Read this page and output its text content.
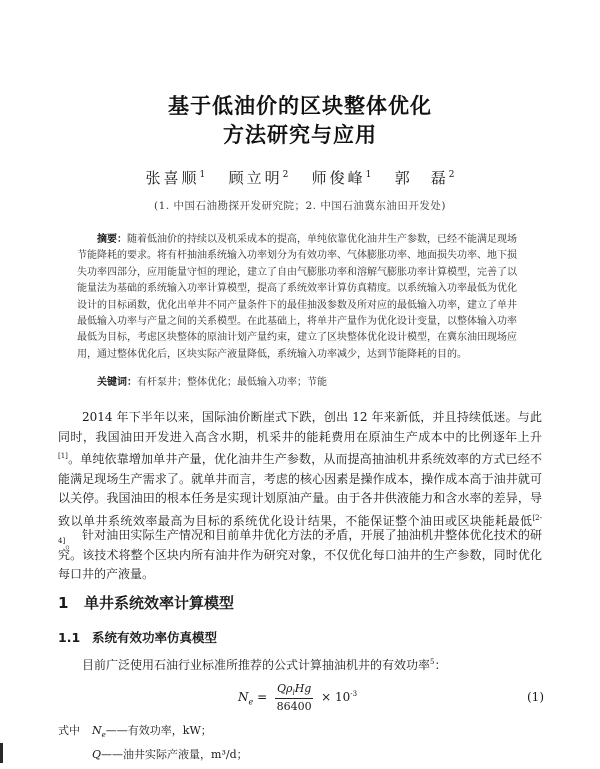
基于低油价的区块整体优化
方法研究与应用
张喜顺$^1$ 顾立明$^2$ 师俊峰$^1$ 郭　磊$^2$
(1. 中国石油勘探开发研究院；2. 中国石油冀东油田开发处)
摘要：随着低油价的持续以及机采成本的提高，单纯依靠优化油井生产参数，已经不能满足现场节能降耗的要求。将有杆抽油系统输入功率划分为有效功率、气体膨胀功率、地面损失功率、地下损失功率四部分，应用能量守恒的理论，建立了自由气膨胀功率和溶解气膨胀功率计算模型，完善了以能量法为基础的系统输入功率计算模型，提高了系统效率计算仿真精度。以系统输入功率最低为优化设计的目标函数，优化出单井不同产量条件下的最佳抽汲参数及所对应的最低输入功率，建立了单井最低输入功率与产量之间的关系模型。在此基础上，将单井产量作为优化设计变量，以整体输入功率最低为目标，考虑区块整体的原油计划产量约束，建立了区块整体优化设计模型，在冀东油田现场应用，通过整体优化后，区块实际产液量降低，系统输入功率减少，达到节能降耗的目的。
关键词：有杆泵井；整体优化；最低输入功率；节能
2014 年下半年以来，国际油价断崖式下跌，创出 12 年来新低，并且持续低迷。与此同时，我国油田开发进入高含水期，机采井的能耗费用在原油生产成本中的比例逐年上升[1]。单纯依靠增加单井产量，优化油井生产参数，从而提高抽油机井系统效率的方式已经不能满足现场生产需求了。就单井而言，考虑的核心因素是操作成本，操作成本高于油井就可以关停。我国油田的根本任务是实现计划原油产量。由于各井供液能力和含水率的差异，导致以单井系统效率最高为目标的系统优化设计结果，不能保证整个油田或区块能耗最低[2-4]。
针对油田实际生产情况和目前单井优化方法的矛盾，开展了抽油机井整体优化技术的研究。该技术将整个区块内所有油井作为研究对象，不仅优化每口油井的生产参数，同时优化每口井的产液量。
1 单井系统效率计算模型
1.1 系统有效功率仿真模型
目前广泛使用石油行业标准所推荐的公式计算抽油机井的有效功率$^5$：
$N_e = \frac{Q\rho_lHg}{86400} \times 10^{-3}$	(1)
式中 $N_e——$有效功率，kW；
Q——油井实际产液量，m³/d；
